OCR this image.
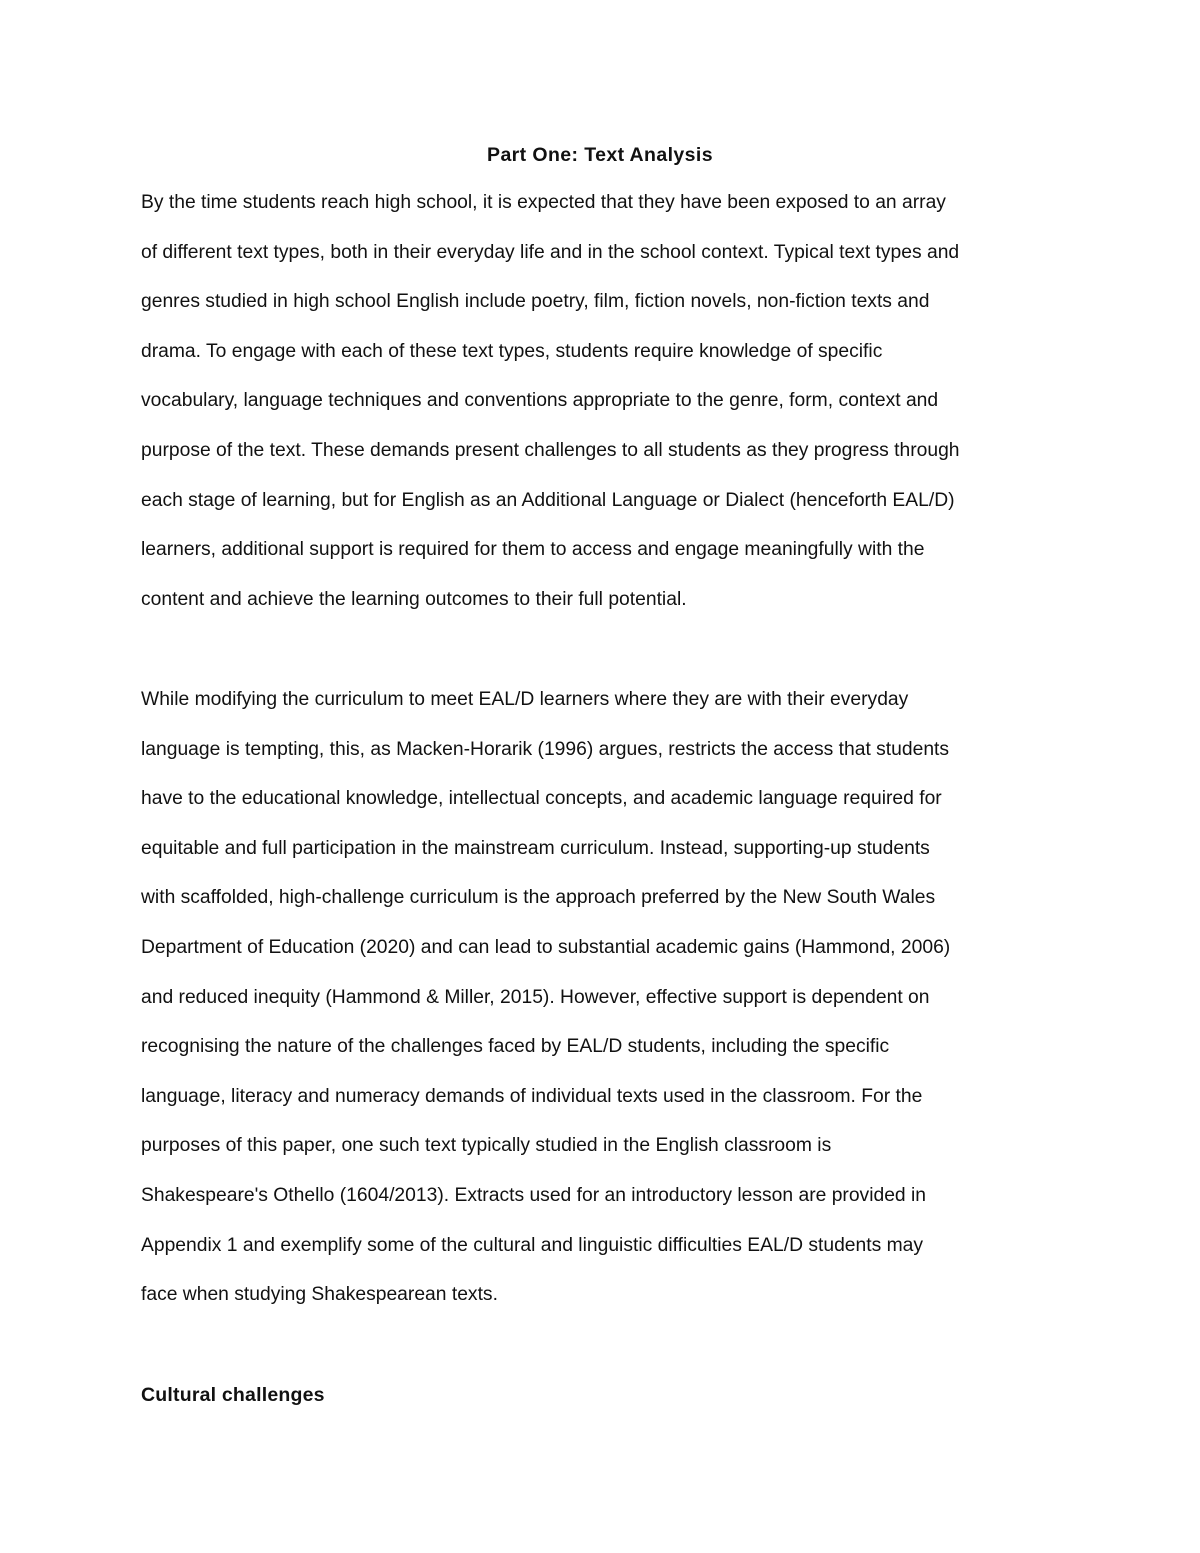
Part One: Text Analysis

By the time students reach high school, it is expected that they have been exposed to an array
of different text types, both in their everyday life and in the school context. Typical text types and
genres studied in high school English include poetry, film, fiction novels, non-fiction texts and
drama. To engage with each of these text types, students require knowledge of specific
vocabulary, language techniques and conventions appropriate to the genre, form, context and
purpose of the text. These demands present challenges to all students as they progress through
each stage of learning, but for English as an Additional Language or Dialect (henceforth EAL/D)
learners, additional support is required for them to access and engage meaningfully with the
content and achieve the learning outcomes to their full potential.

While modifying the curriculum to meet EAL/D learners where they are with their everyday
language is tempting, this, as Macken-Horarik (1996) argues, restricts the access that students
have to the educational knowledge, intellectual concepts, and academic language required for
equitable and full participation in the mainstream curriculum. Instead, supporting-up students
with scaffolded, high-challenge curriculum is the approach preferred by the New South Wales
Department of Education (2020) and can lead to substantial academic gains (Hammond, 2006)
and reduced inequity (Hammond & Miller, 2015). However, effective support is dependent on
recognising the nature of the challenges faced by EAL/D students, including the specific
language, literacy and numeracy demands of individual texts used in the classroom. For the
purposes of this paper, one such text typically studied in the English classroom is
Shakespeare's Othello (1604/2013). Extracts used for an introductory lesson are provided in
Appendix 1 and exemplify some of the cultural and linguistic difficulties EAL/D students may
face when studying Shakespearean texts.

Cultural challenges
